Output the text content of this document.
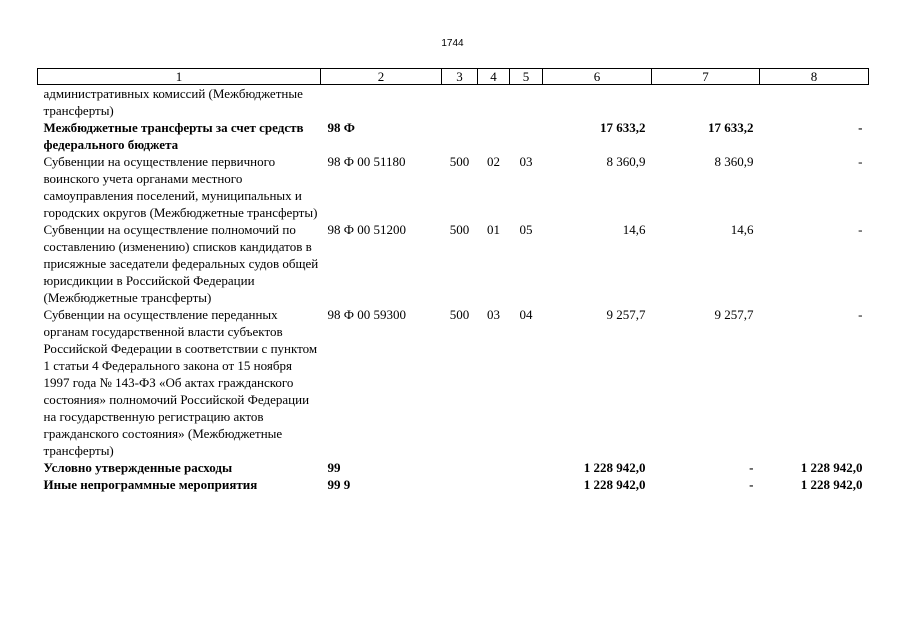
1744
1	2	3	4	5	6	7	8
административных комиссий (Межбюджетные трансферты)							
Межбюджетные трансферты за счет средств федерального бюджета	98 Ф				17 633,2	17 633,2	-
Субвенции на осуществление первичного воинского учета органами местного самоуправления поселений, муниципальных и городских округов (Межбюджетные трансферты)	98 Ф 00 51180	500	02	03	8 360,9	8 360,9	-
Субвенции на осуществление полномочий по составлению (изменению) списков кандидатов в присяжные заседатели федеральных судов общей юрисдикции в Российской Федерации (Межбюджетные трансферты)	98 Ф 00 51200	500	01	05	14,6	14,6	-
Субвенции на осуществление переданных органам государственной власти субъектов Российской Федерации в соответствии с пунктом 1 статьи 4 Федерального закона от 15 ноября 1997 года № 143-ФЗ «Об актах гражданского состояния» полномочий Российской Федерации на государственную регистрацию актов гражданского состояния» (Межбюджетные трансферты)	98 Ф 00 59300	500	03	04	9 257,7	9 257,7	-
Условно утвержденные расходы	99				1 228 942,0	-	1 228 942,0
Иные непрограммные мероприятия	99 9				1 228 942,0	-	1 228 942,0
